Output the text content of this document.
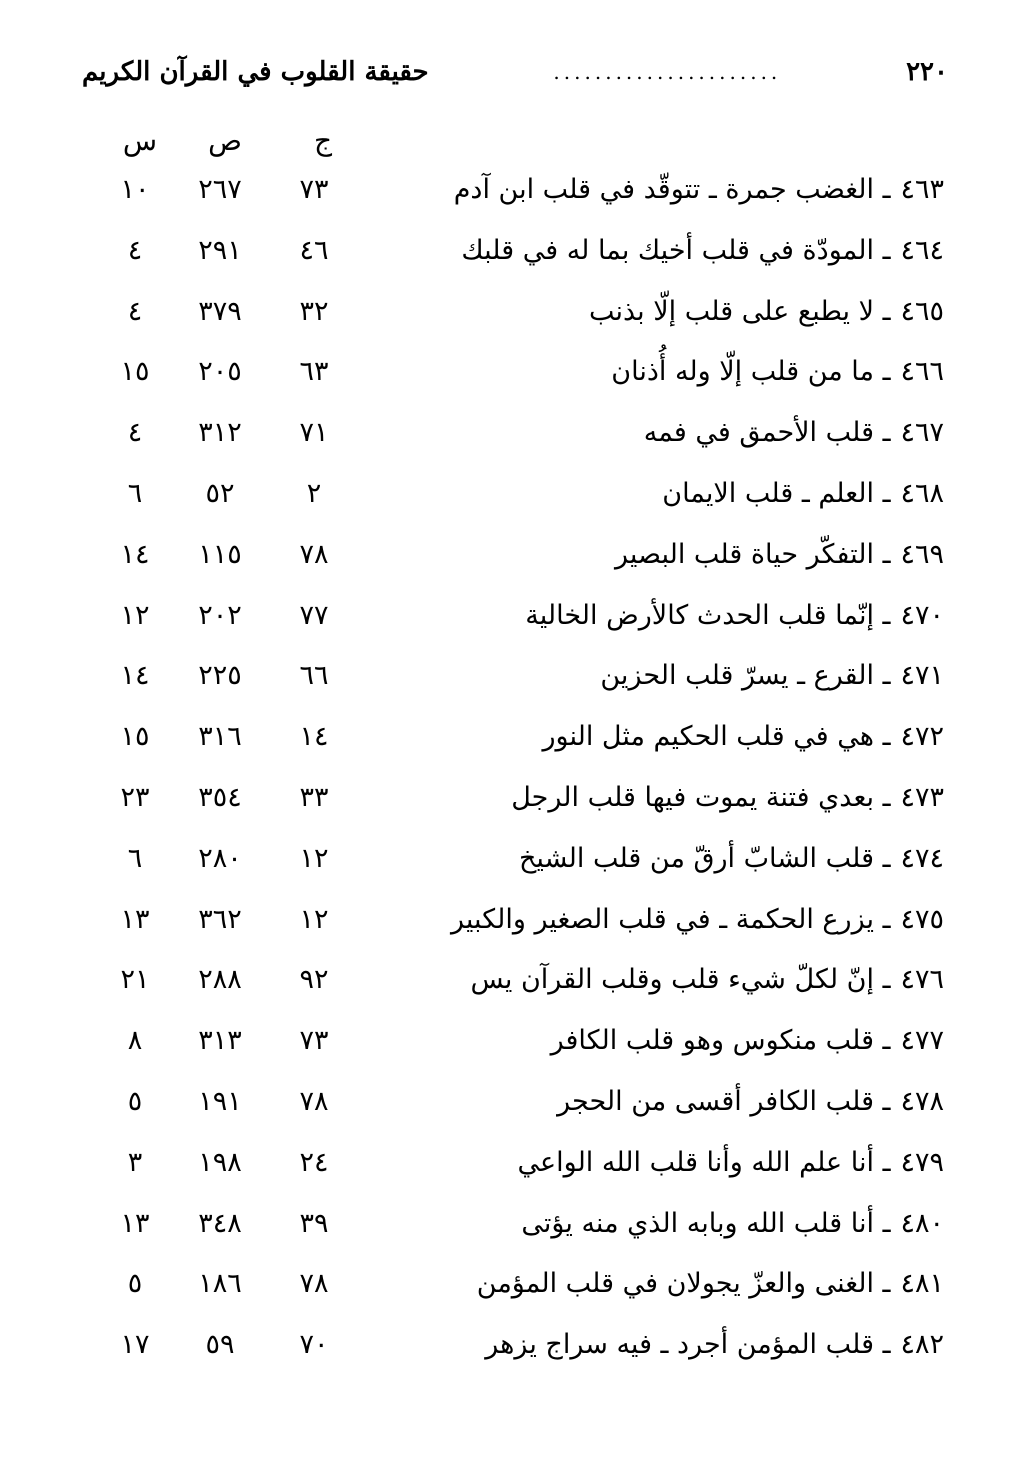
٢٢٠
......................
حقيقة القلوب في القرآن الكريم
ج
ص
س
٤٦٣ـ الغضب جمرة ـ تتوقّد في قلب ابن آدم
٧٣
٢٦٧
١٠
٤٦٤ـ المودّة في قلب أخيك بما له في قلبك
٤٦
٢٩١
٤
٤٦٥ـ لا يطبع على قلب إلّا بذنب
٣٢
٣٧٩
٤
٤٦٦ـ ما من قلب إلّا وله أُذنان
٦٣
٢٠٥
١٥
٤٦٧ـ قلب الأحمق في فمه
٧١
٣١٢
٤
٤٦٨ـ العلم ـ قلب الايمان
٢
٥٢
٦
٤٦٩ـ التفكّر حياة قلب البصير
٧٨
١١٥
١٤
٤٧٠ـ إنّما قلب الحدث كالأرض الخالية
٧٧
٢٠٢
١٢
٤٧١ـ القرع ـ يسرّ قلب الحزين
٦٦
٢٢٥
١٤
٤٧٢ـ هي في قلب الحكيم مثل النور
١٤
٣١٦
١٥
٤٧٣ـ بعدي فتنة يموت فيها قلب الرجل
٣٣
٣٥٤
٢٣
٤٧٤ـ قلب الشابّ أرقّ من قلب الشيخ
١٢
٢٨٠
٦
٤٧٥ـ يزرع الحكمة ـ في قلب الصغير والكبير
١٢
٣٦٢
١٣
٤٧٦ـ إنّ لكلّ شيء قلب وقلب القرآن يس
٩٢
٢٨٨
٢١
٤٧٧ـ قلب منكوس وهو قلب الكافر
٧٣
٣١٣
٨
٤٧٨ـ قلب الكافر أقسى من الحجر
٧٨
١٩١
٥
٤٧٩ـ أنا علم الله وأنا قلب الله الواعي
٢٤
١٩٨
٣
٤٨٠ـ أنا قلب الله وبابه الذي منه يؤتى
٣٩
٣٤٨
١٣
٤٨١ـ الغنى والعزّ يجولان في قلب المؤمن
٧٨
١٨٦
٥
٤٨٢ـ قلب المؤمن أجرد ـ فيه سراج يزهر
٧٠
٥٩
١٧
